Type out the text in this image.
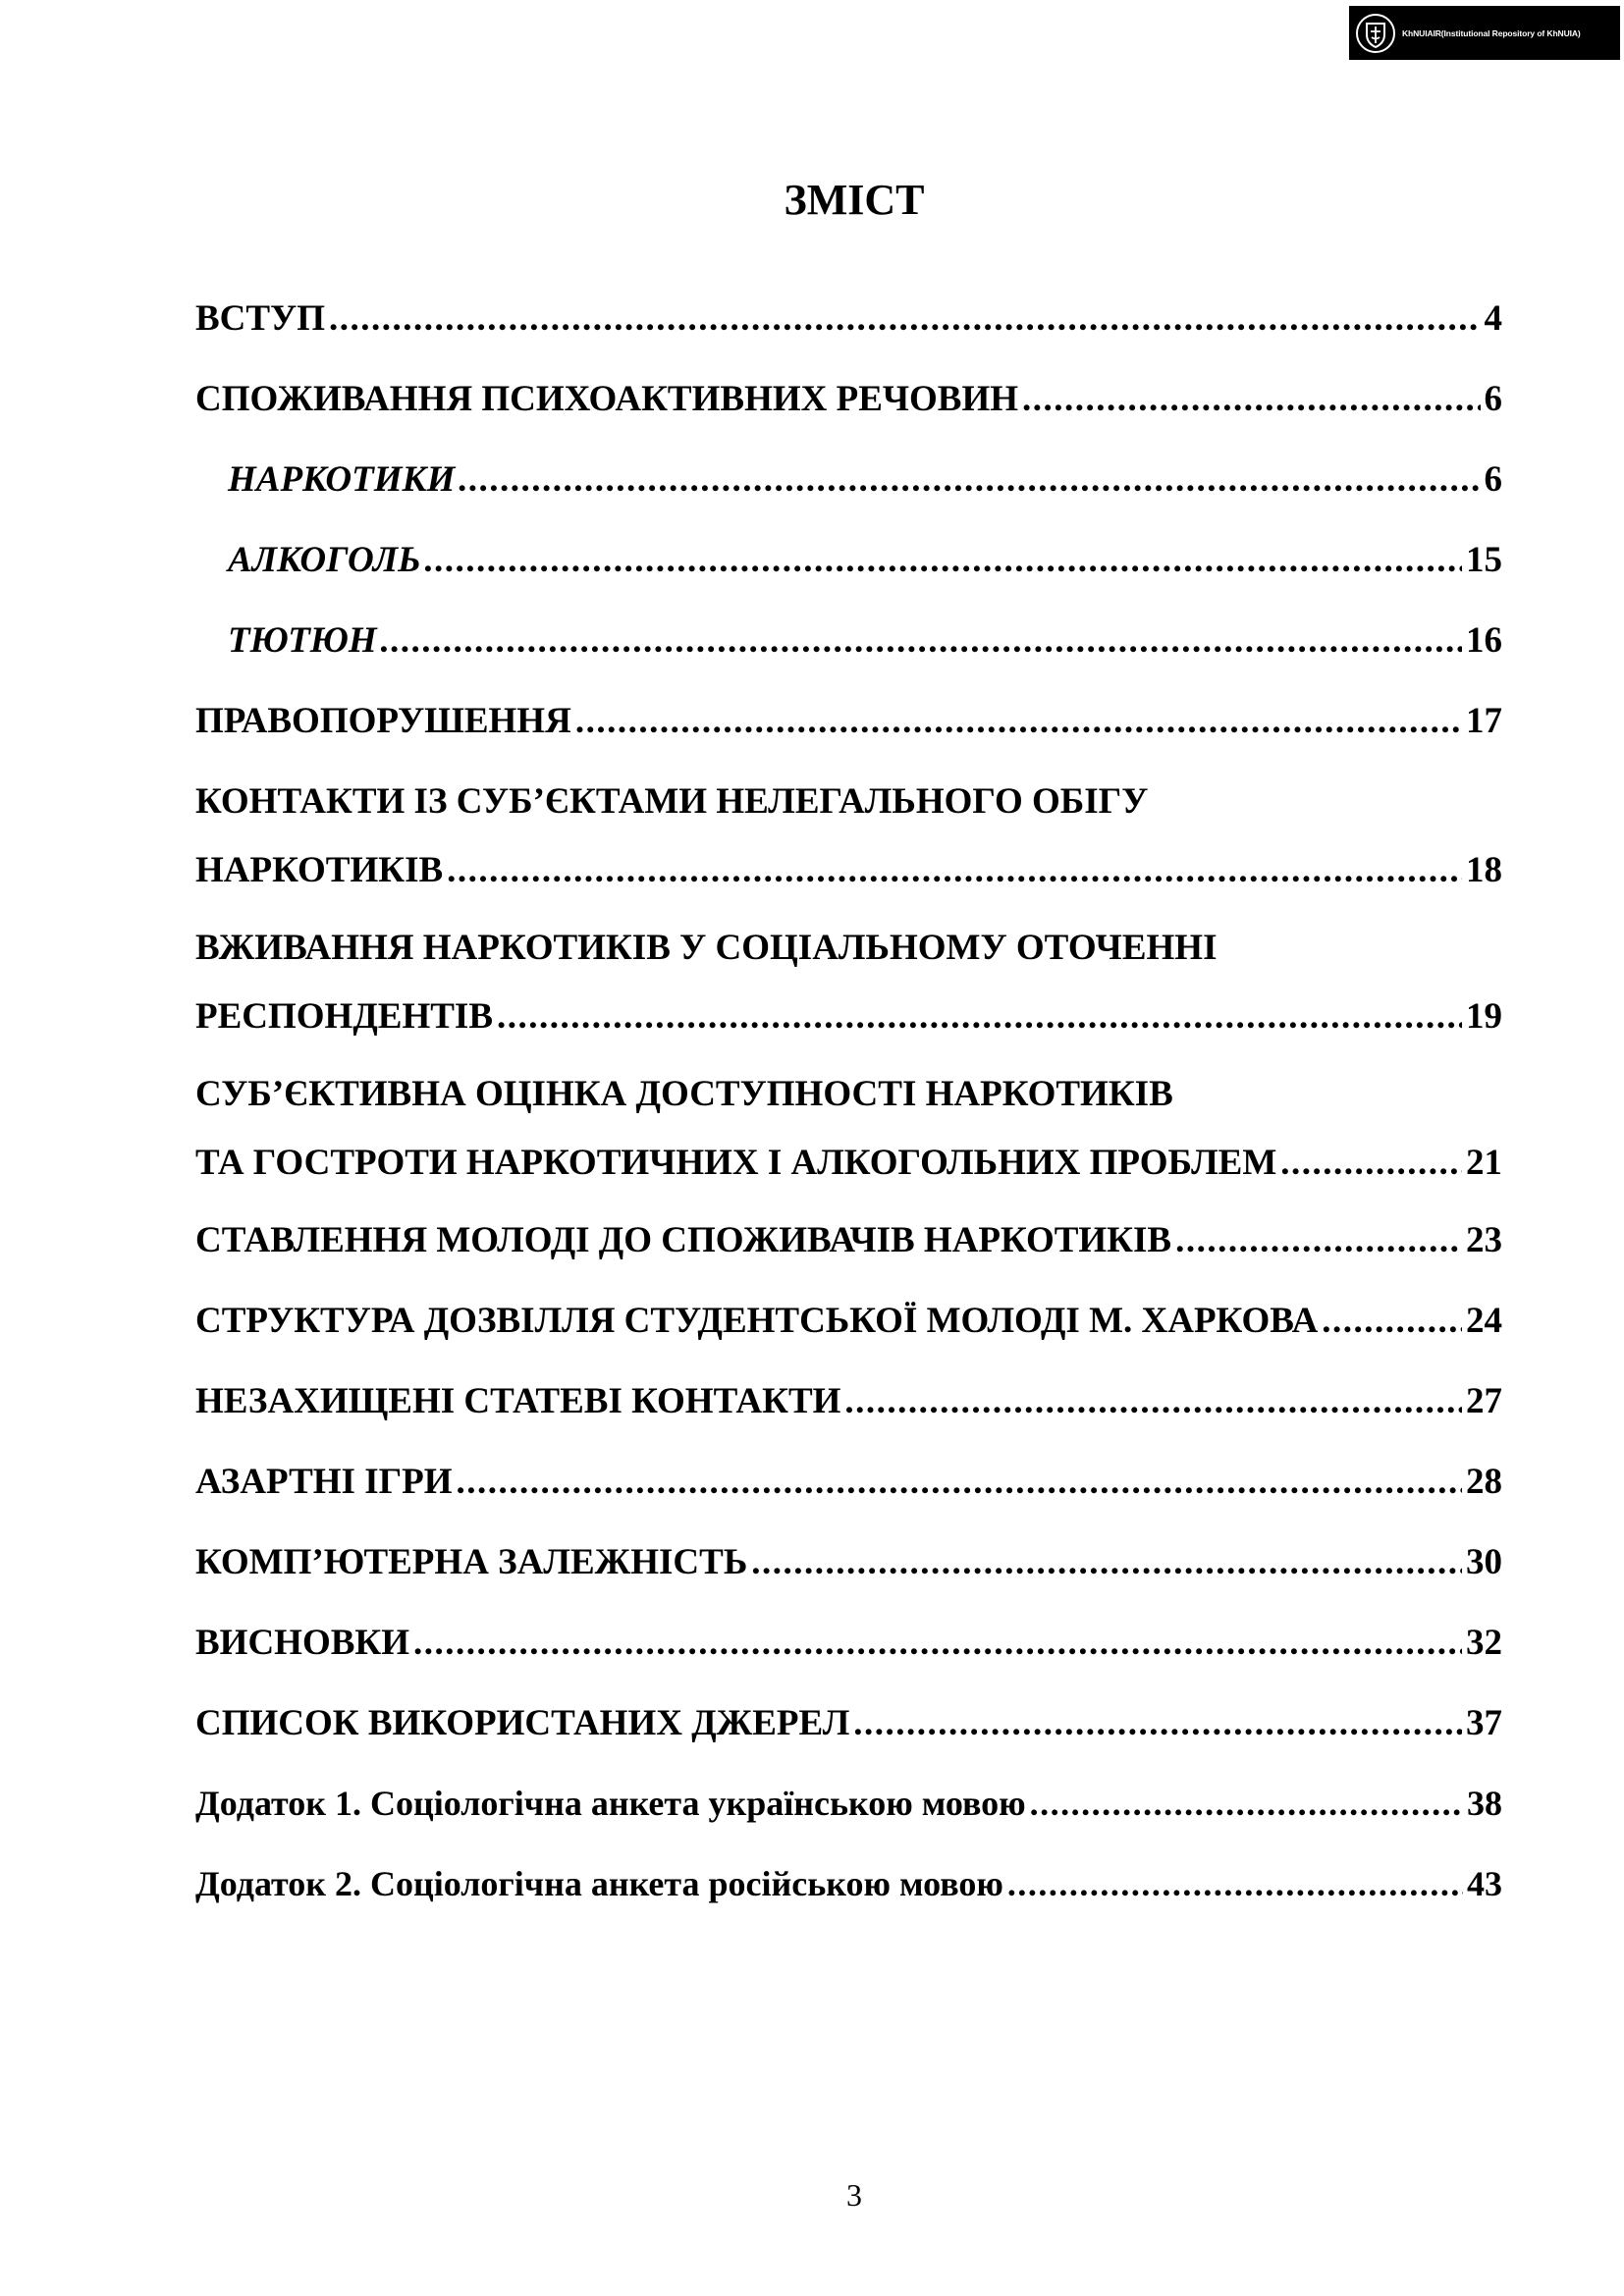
KhNUIAIR(Institutional Repository of KhNUIA)
ЗМІСТ
ВСТУП .....	4
СПОЖИВАННЯ ПСИХОАКТИВНИХ РЕЧОВИН .....	6
НАРКОТИКИ .....	6
АЛКОГОЛЬ .....	15
ТЮТЮН .....	16
ПРАВОПОРУШЕННЯ .....	17
КОНТАКТИ ІЗ СУБ’ЄКТАМИ НЕЛЕГАЛЬНОГО ОБІГУ
НАРКОТИКІВ .....	18
ВЖИВАННЯ НАРКОТИКІВ У СОЦІАЛЬНОМУ ОТОЧЕННІ
РЕСПОНДЕНТІВ .....	19
СУБ’ЄКТИВНА ОЦІНКА ДОСТУПНОСТІ НАРКОТИКІВ
ТА ГОСТРОТИ НАРКОТИЧНИХ І АЛКОГОЛЬНИХ ПРОБЛЕМ .....	21
СТАВЛЕННЯ МОЛОДІ ДО СПОЖИВАЧІВ НАРКОТИКІВ .....	23
СТРУКТУРА ДОЗВІЛЛЯ СТУДЕНТСЬКОЇ МОЛОДІ М. ХАРКОВА .....	24
НЕЗАХИЩЕНІ СТАТЕВІ КОНТАКТИ .....	27
АЗАРТНІ ІГРИ .....	28
КОМП’ЮТЕРНА ЗАЛЕЖНІСТЬ .....	30
ВИСНОВКИ .....	32
СПИСОК ВИКОРИСТАНИХ ДЖЕРЕЛ .....	37
Додаток 1. Соціологічна анкета українською мовою .....	38
Додаток 2. Соціологічна анкета російською мовою .....	43
3
